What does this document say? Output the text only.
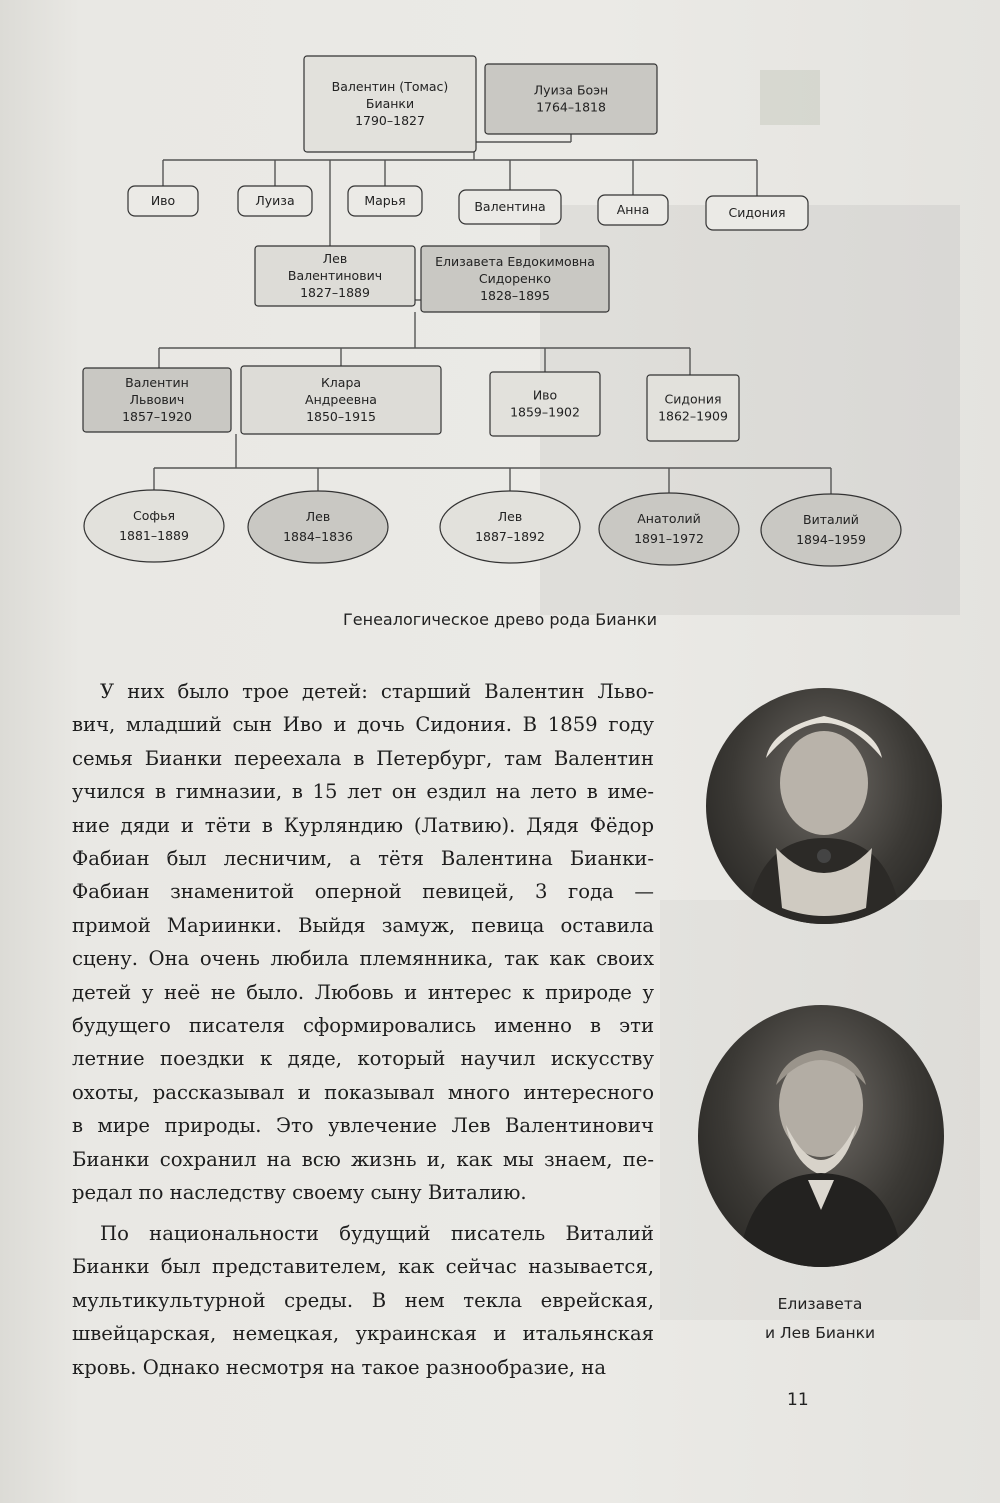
Валентин (Томас) Бианки 1790–1827
Луиза Боэн 1764–1818
Иво	Луиза	Марья	Валентина	Анна	Сидония
Лев Валентинович 1827–1889
Елизавета Евдокимовна Сидоренко 1828–1895
Валентин Львович 1857–1920
Клара Андреевна 1850–1915
Иво 1859–1902
Сидония 1862–1909
Софья 1881–1889
Лев 1884–1836
Лев 1887–1892
Анатолий 1891–1972
Виталий 1894–1959
Генеалогическое древо рода Бианки
У них было трое детей: старший Валентин Льво-
вич, младший сын Иво и дочь Сидония. В 1859 году
семья Бианки переехала в Петербург, там Валентин
учился в гимназии, в 15 лет он ездил на лето в име-
ние дяди и тёти в Курляндию (Латвию). Дядя Фёдор
Фабиан был лесничим, а тётя Валентина Бианки-
Фабиан знаменитой оперной певицей, 3 года —
примой Мариинки. Выйдя замуж, певица оставила
сцену. Она очень любила племянника, так как своих
детей у неё не было. Любовь и интерес к природе у
будущего писателя сформировались именно в эти
летние поездки к дяде, который научил искусству
охоты, рассказывал и показывал много интересного
в мире природы. Это увлечение Лев Валентинович
Бианки сохранил на всю жизнь и, как мы знаем, пе-
редал по наследству своему сыну Виталию.
По национальности будущий писатель Виталий
Бианки был представителем, как сейчас называется,
мультикультурной среды. В нем текла еврейская,
швейцарская, немецкая, украинская и итальянская
кровь. Однако несмотря на такое разнообразие, на
Елизавета
и Лев Бианки
11
